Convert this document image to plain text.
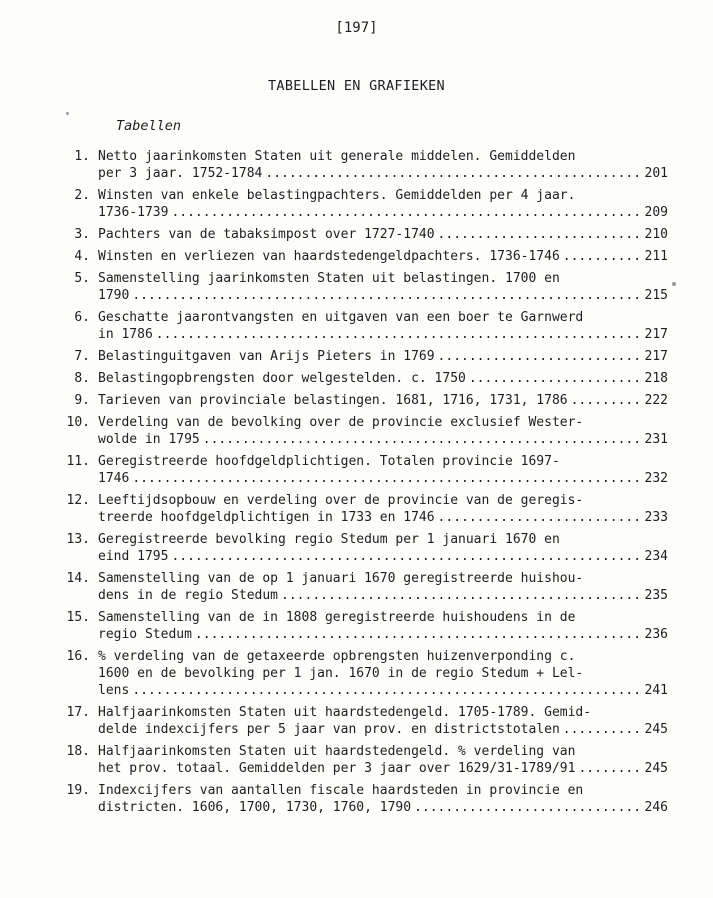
[197]
TABELLEN EN GRAFIEKEN
Tabellen
1. Netto jaarinkomsten Staten uit generale middelen. Gemiddelden
per 3 jaar. 1752-1784 .....	201
2. Winsten van enkele belastingpachters. Gemiddelden per 4 jaar.
1736-1739 .....	209
3. Pachters van de tabaksimpost over 1727-1740 .....	210
4. Winsten en verliezen van haardstedengeldpachters. 1736-1746 .....	211
5. Samenstelling jaarinkomsten Staten uit belastingen. 1700 en
1790 .....	215
6. Geschatte jaarontvangsten en uitgaven van een boer te Garnwerd
in 1786 .....	217
7. Belastinguitgaven van Arijs Pieters in 1769 .....	217
8. Belastingopbrengsten door welgestelden. c. 1750 .....	218
9. Tarieven van provinciale belastingen. 1681, 1716, 1731, 1786 .....	222
10. Verdeling van de bevolking over de provincie exclusief Wester-
wolde in 1795 .....	231
11. Geregistreerde hoofdgeldplichtigen. Totalen provincie 1697-
1746 .....	232
12. Leeftijdsopbouw en verdeling over de provincie van de geregis-
treerde hoofdgeldplichtigen in 1733 en 1746 .....	233
13. Geregistreerde bevolking regio Stedum per 1 januari 1670 en
eind 1795 .....	234
14. Samenstelling van de op 1 januari 1670 geregistreerde huishou-
dens in de regio Stedum .....	235
15. Samenstelling van de in 1808 geregistreerde huishoudens in de
regio Stedum .....	236
16. % verdeling van de getaxeerde opbrengsten huizenverponding c.
1600 en de bevolking per 1 jan. 1670 in de regio Stedum + Lel-
lens .....	241
17. Halfjaarinkomsten Staten uit haardstedengeld. 1705-1789. Gemid-
delde indexcijfers per 5 jaar van prov. en districtstotalen .....	245
18. Halfjaarinkomsten Staten uit haardstedengeld. % verdeling van
het prov. totaal. Gemiddelden per 3 jaar over 1629/31-1789/91 .....	245
19. Indexcijfers van aantallen fiscale haardsteden in provincie en
districten. 1606, 1700, 1730, 1760, 1790 .....	246
